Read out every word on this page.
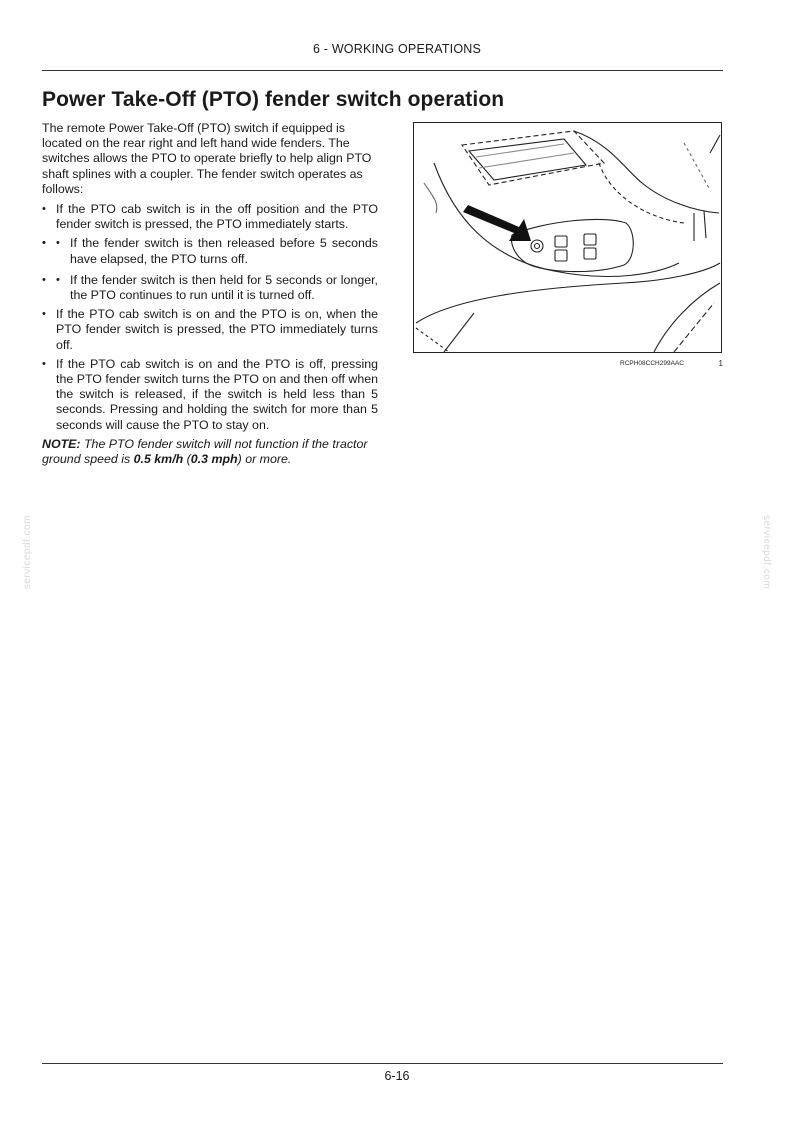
6 - WORKING OPERATIONS
Power Take-Off (PTO) fender switch operation

The remote Power Take-Off (PTO) switch if equipped is located on the rear right and left hand wide fenders. The switches allows the PTO to operate briefly to help align PTO shaft splines with a coupler. The fender switch operates as follows:

• If the PTO cab switch is in the off position and the PTO fender switch is pressed, the PTO immediately starts.
• • • If the fender switch is then released before 5 seconds have elapsed, the PTO turns off.
• • If the fender switch is then held for 5 seconds or longer, the PTO continues to run until it is turned off.
• If the PTO cab switch is on and the PTO is on, when the PTO fender switch is pressed, the PTO immediately turns off.
• If the PTO cab switch is on and the PTO is off, pressing the PTO fender switch turns the PTO on and then off when the switch is released, if the switch is held less than 5 seconds. Pressing and holding the switch for more than 5 seconds will cause the PTO to stay on.

NOTE: The PTO fender switch will not function if the tractor ground speed is 0.5 km/h (0.3 mph) or more.

RCPH08CCH299AAC	1
servicepdf.com	servicepdf.com
6-16
